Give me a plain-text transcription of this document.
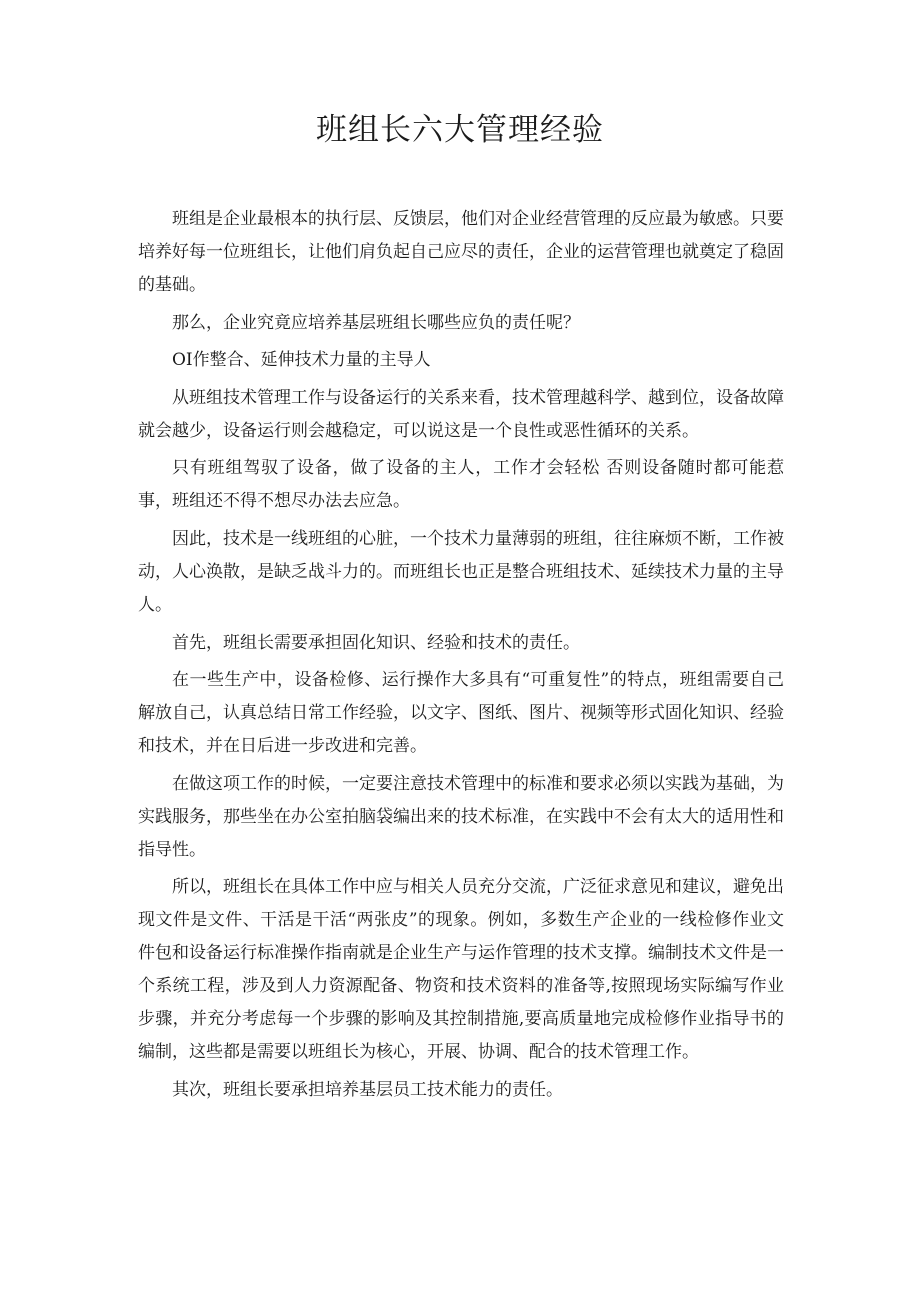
班组长六大管理经验

班组是企业最根本的执行层、反馈层，他们对企业经营管理的反应最为敏感。只要培养好每一位班组长，让他们肩负起自己应尽的责任，企业的运营管理也就奠定了稳固的基础。

那么，企业究竟应培养基层班组长哪些应负的责任呢？

OI作整合、延伸技术力量的主导人

从班组技术管理工作与设备运行的关系来看，技术管理越科学、越到位，设备故障就会越少，设备运行则会越稳定，可以说这是一个良性或恶性循环的关系。

只有班组驾驭了设备，做了设备的主人，工作才会轻松 否则设备随时都可能惹事，班组还不得不想尽办法去应急。

因此，技术是一线班组的心脏，一个技术力量薄弱的班组，往往麻烦不断，工作被动，人心涣散，是缺乏战斗力的。而班组长也正是整合班组技术、延续技术力量的主导人。

首先，班组长需要承担固化知识、经验和技术的责任。

在一些生产中，设备检修、运行操作大多具有“可重复性”的特点，班组需要自己解放自己，认真总结日常工作经验，以文字、图纸、图片、视频等形式固化知识、经验和技术，并在日后进一步改进和完善。

在做这项工作的时候，一定要注意技术管理中的标准和要求必须以实践为基础，为实践服务，那些坐在办公室拍脑袋编出来的技术标准，在实践中不会有太大的适用性和指导性。

所以，班组长在具体工作中应与相关人员充分交流，广泛征求意见和建议，避免出现文件是文件、干活是干活“两张皮”的现象。例如，多数生产企业的一线检修作业文件包和设备运行标准操作指南就是企业生产与运作管理的技术支撑。编制技术文件是一个系统工程，涉及到人力资源配备、物资和技术资料的准备等,按照现场实际编写作业步骤，并充分考虑每一个步骤的影响及其控制措施,要高质量地完成检修作业指导书的编制，这些都是需要以班组长为核心，开展、协调、配合的技术管理工作。

其次，班组长要承担培养基层员工技术能力的责任。
